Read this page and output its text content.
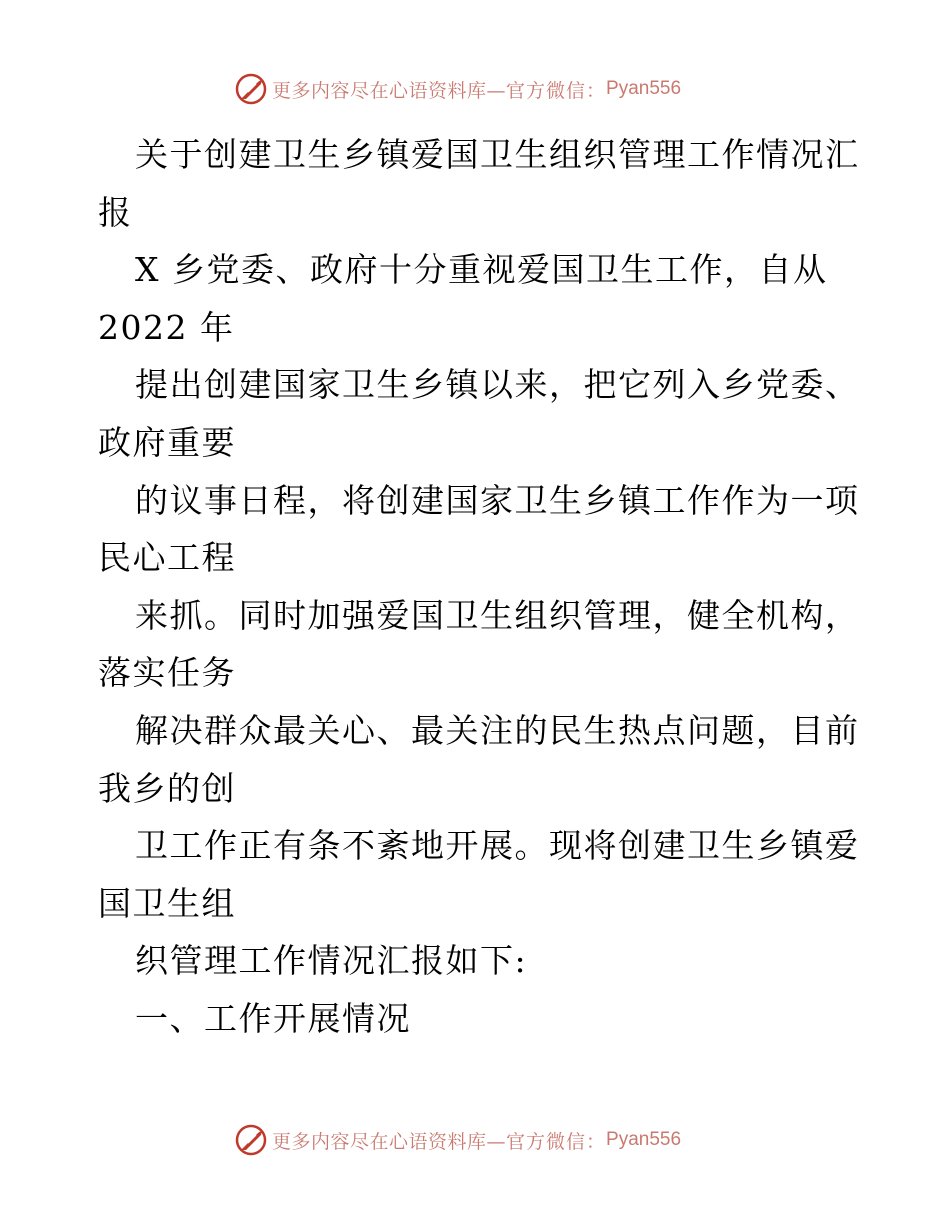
更多内容尽在心语资料库— 官方微信： Pyan556
关于创建卫生乡镇爱国卫生组织管理工作情况汇
报
X 乡党委、政府十分重视爱国卫生工作，自从
2022 年
提出创建国家卫生乡镇以来，把它列入乡党委、
政府重要
的议事日程，将创建国家卫生乡镇工作作为一项
民心工程
来抓。同时加强爱国卫生组织管理，健全机构，
落实任务
解决群众最关心、最关注的民生热点问题，目前
我乡的创
卫工作正有条不紊地开展。现将创建卫生乡镇爱
国卫生组
织管理工作情况汇报如下:
一、工作开展情况
更多内容尽在心语资料库— 官方微信： Pyan556
